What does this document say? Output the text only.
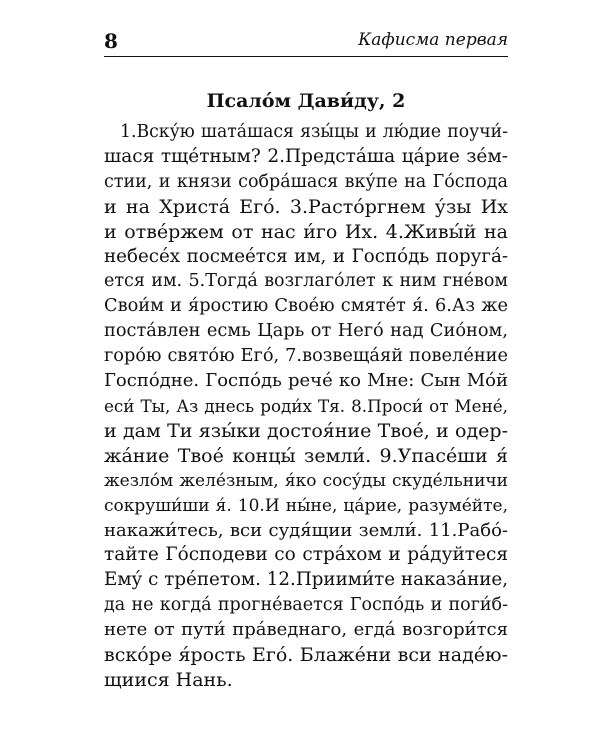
8	Кафисма первая
Псало́м Дави́ду, 2
1.Вску́ю шата́шася язы́цы и лю́дие поучи́-
шася тще́тным? 2.Предста́ша ца́рие зе́м-
стии, и князи собра́шася вку́пе на Го́спода
и на Христа́ Его́. 3.Растóргнем у́зы Их
и отве́ржем от нас и́го Их. 4.Живы́й на
небесе́х посмее́тся им, и Госпо́дь поруга́-
ется им. 5.Тогда́ возглаго́лет к ним гне́вом
Свои́м и я́ростию Свое́ю смяте́т я́. 6.Аз же
поста́влен есмь Царь от Него́ над Сио́ном,
горо́ю свято́ю Его́, 7.возвеща́яй повеле́ние
Госпо́дне. Госпо́дь рече́ ко Мне: Сын Мо́й
еси́ Ты, Аз днесь роди́х Тя. 8.Проси́ от Мене́,
и дам Ти язы́ки достоя́ние Твое́, и одер-
жа́ние Твое́ концы́ земли́. 9.Упасе́ши я́
жезло́м желе́зным, я́ко сосу́ды скуде́льничи
сокруши́ши я́. 10.И ны́не, ца́рие, разуме́йте,
накажи́тесь, вси судя́щии земли́. 11.Рабо́-
тайте Го́сподеви со стра́хом и ра́дуйтеся
Ему́ с тре́петом. 12.Приими́те наказа́ние,
да не когда́ прогне́вается Госпо́дь и поги́б-
нете от пути́ пра́веднаго, егда́ возгори́тся
вско́ре я́рость Его́. Блаже́ни вси наде́ю-
щиися Нань.
